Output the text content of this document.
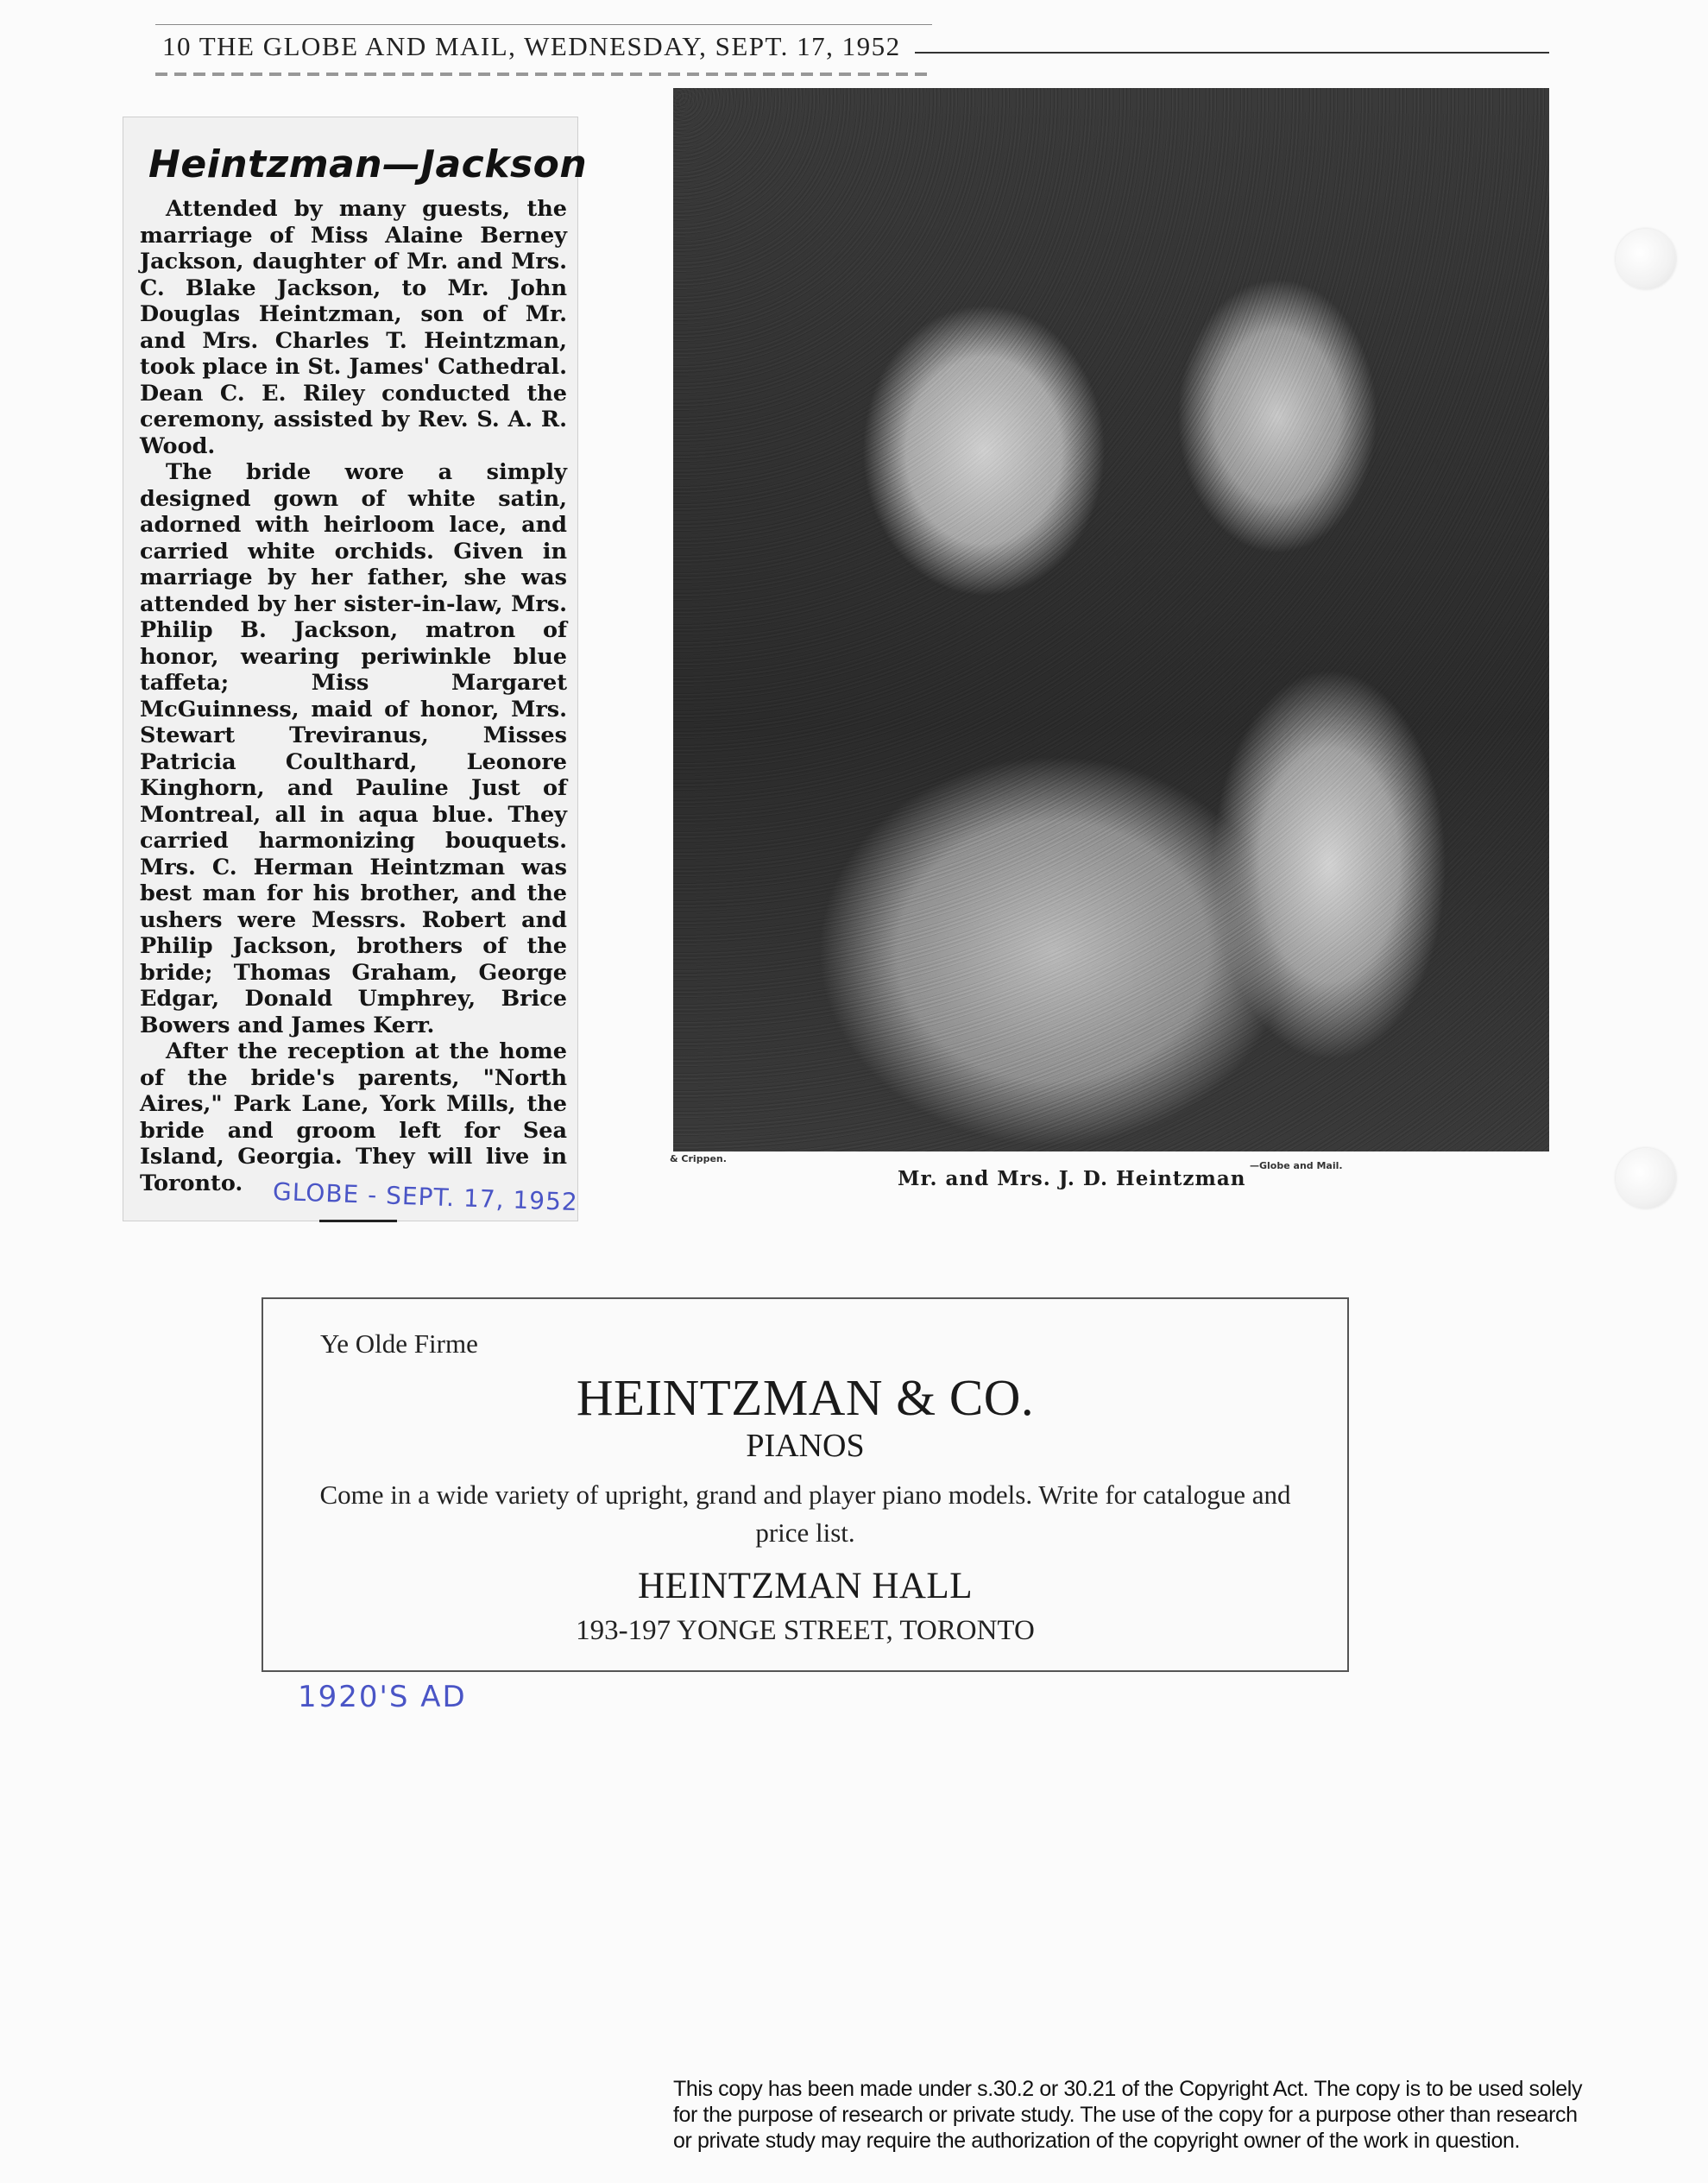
10 THE GLOBE AND MAIL, WEDNESDAY, SEPT. 17, 1952
Heintzman—Jackson

Attended by many guests, the marriage of Miss Alaine Berney Jackson, daughter of Mr. and Mrs. C. Blake Jackson, to Mr. John Douglas Heintzman, son of Mr. and Mrs. Charles T. Heintzman, took place in St. James' Cathedral. Dean C. E. Riley conducted the ceremony, assisted by Rev. S. A. R. Wood.

The bride wore a simply designed gown of white satin, adorned with heirloom lace, and carried white orchids. Given in marriage by her father, she was attended by her sister-in-law, Mrs. Philip B. Jackson, matron of honor, wearing periwinkle blue taffeta; Miss Margaret McGuinness, maid of honor, Mrs. Stewart Treviranus, Misses Patricia Coulthard, Leonore Kinghorn, and Pauline Just of Montreal, all in aqua blue. They carried harmonizing bouquets. Mrs. C. Herman Heintzman was best man for his brother, and the ushers were Messrs. Robert and Philip Jackson, brothers of the bride; Thomas Graham, George Edgar, Donald Umphrey, Brice Bowers and James Kerr.

After the reception at the home of the bride's parents, "North Aires," Park Lane, York Mills, the bride and groom left for Sea Island, Georgia. They will live in Toronto.	GLOBE - SEPT. 17, 1952
& Crippen.
—Globe and Mail.
Mr. and Mrs. J. D. Heintzman
Ye Olde Firme
HEINTZMAN & CO.
PIANOS
Come in a wide variety of upright, grand and player piano models. Write for catalogue and price list.
HEINTZMAN HALL
193-197 YONGE STREET, TORONTO
1920'S AD
This copy has been made under s.30.2 or 30.21 of the Copyright Act. The copy is to be used solely
for the purpose of research or private study. The use of the copy for a purpose other than research
or private study may require the authorization of the copyright owner of the work in question.
